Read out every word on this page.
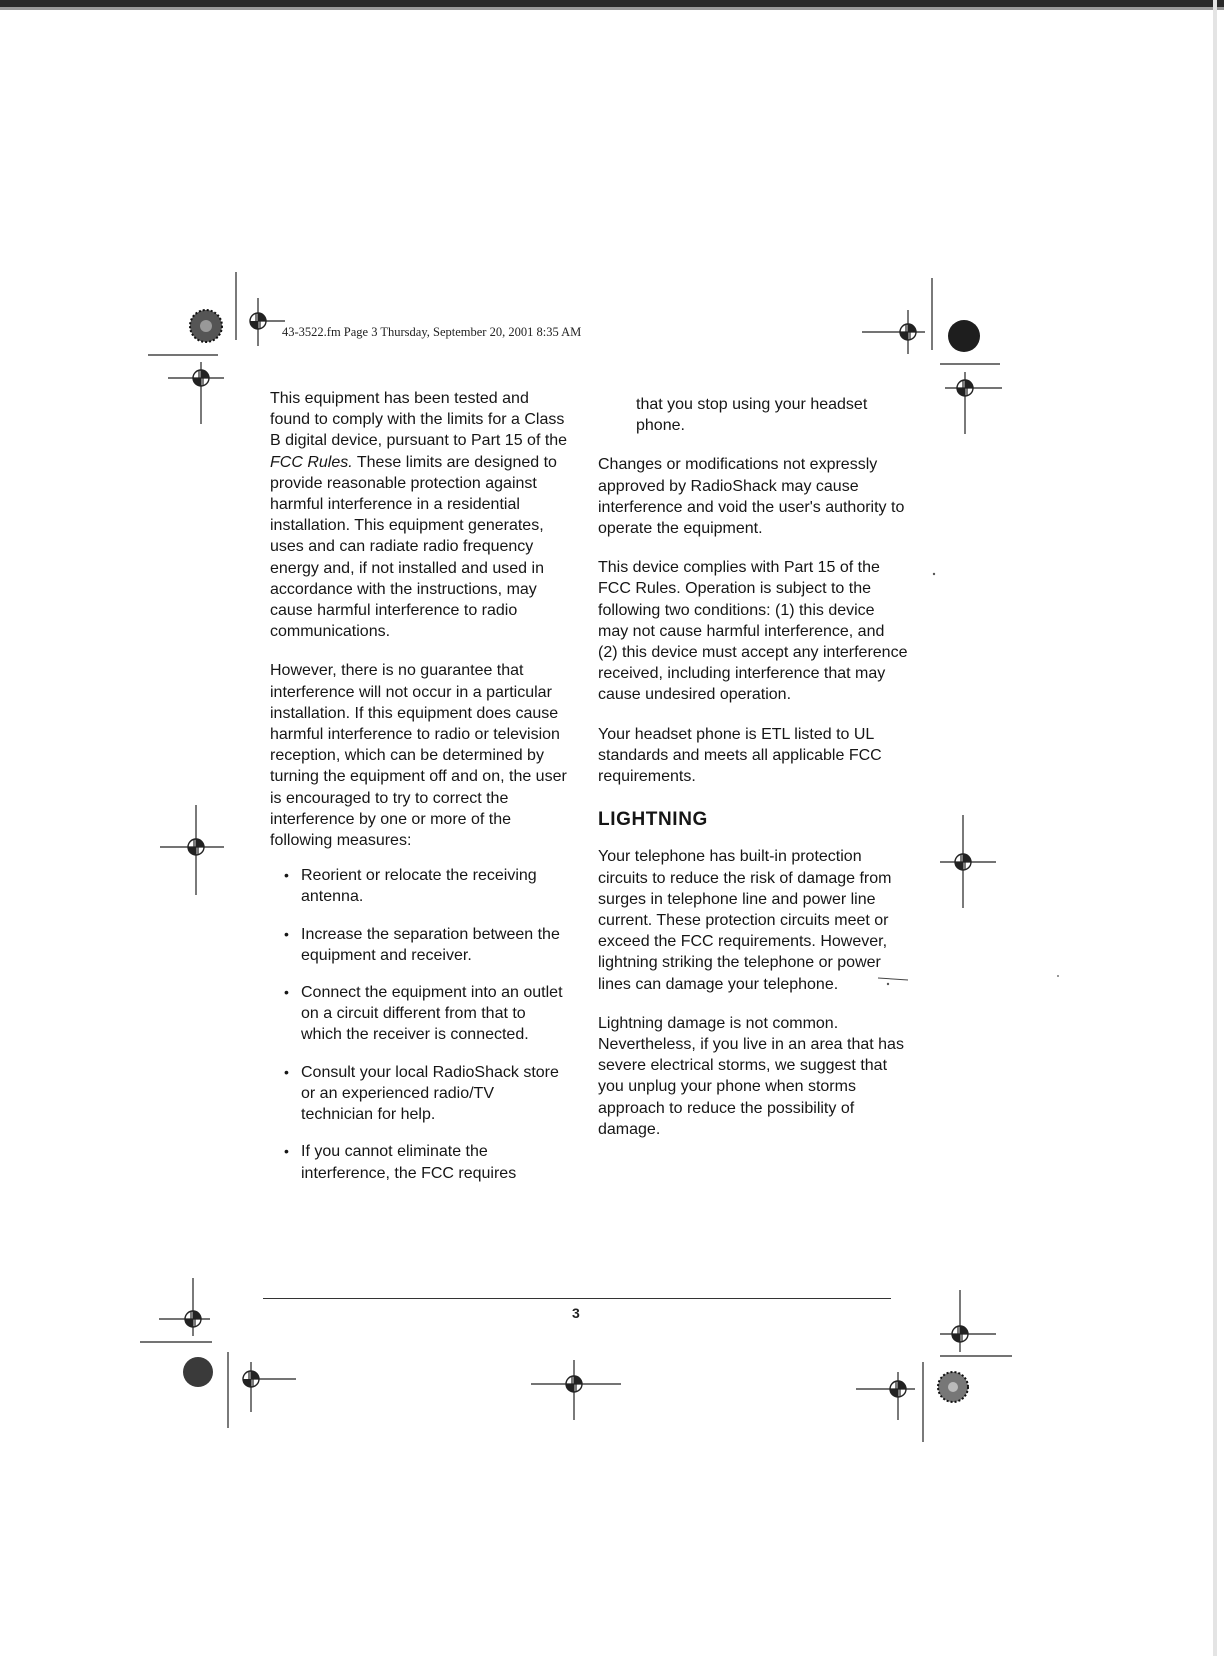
43-3522.fm Page 3 Thursday, September 20, 2001 8:35 AM

This equipment has been tested and found to comply with the limits for a Class B digital device, pursuant to Part 15 of the FCC Rules. These limits are designed to provide reasonable protection against harmful interference in a residential installation. This equipment generates, uses and can radiate radio frequency energy and, if not installed and used in accordance with the instructions, may cause harmful interference to radio communications.

However, there is no guarantee that interference will not occur in a particular installation. If this equipment does cause harmful interference to radio or television reception, which can be determined by turning the equipment off and on, the user is encouraged to try to correct the interference by one or more of the following measures:

• Reorient or relocate the receiving antenna.
• Increase the separation between the equipment and receiver.
• Connect the equipment into an outlet on a circuit different from that to which the receiver is connected.
• Consult your local RadioShack store or an experienced radio/TV technician for help.
• If you cannot eliminate the interference, the FCC requires

that you stop using your headset phone.

Changes or modifications not expressly approved by RadioShack may cause interference and void the user's authority to operate the equipment.

This device complies with Part 15 of the FCC Rules. Operation is subject to the following two conditions: (1) this device may not cause harmful interference, and (2) this device must accept any interference received, including interference that may cause undesired operation.

Your headset phone is ETL listed to UL standards and meets all applicable FCC requirements.

LIGHTNING

Your telephone has built-in protection circuits to reduce the risk of damage from surges in telephone line and power line current. These protection circuits meet or exceed the FCC requirements. However, lightning striking the telephone or power lines can damage your telephone.

Lightning damage is not common. Nevertheless, if you live in an area that has severe electrical storms, we suggest that you unplug your phone when storms approach to reduce the possibility of damage.

3
